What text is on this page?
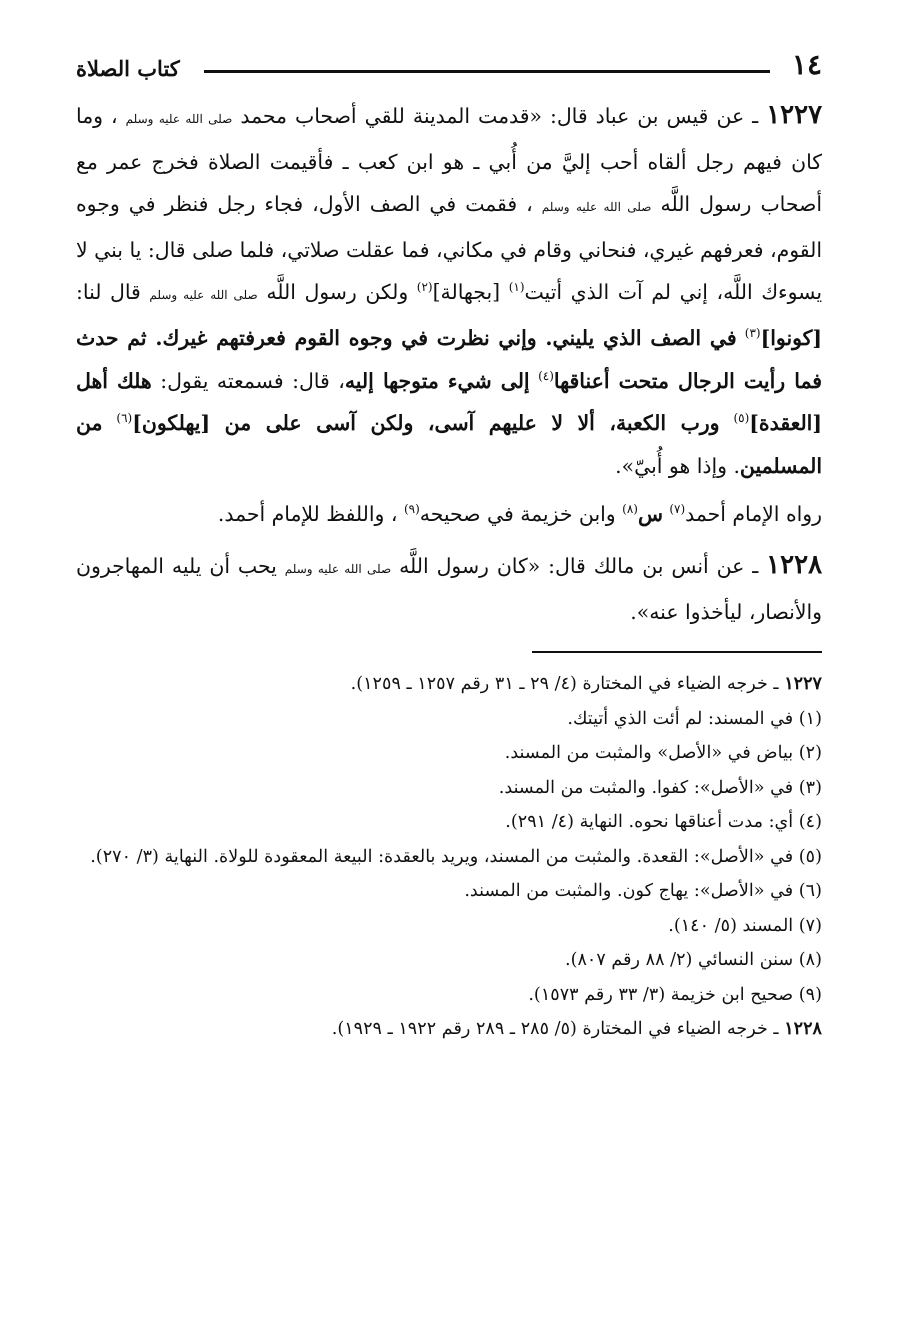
١٤
كتاب الصلاة

١٢٢٧ ـ عن قيس بن عباد قال: «قدمت المدينة للقي أصحاب محمد صلى الله عليه وسلم ، وما كان فيهم رجل ألقاه أحب إليَّ من أُبي ـ هو ابن كعب ـ فأقيمت الصلاة فخرج عمر مع أصحاب رسول اللَّه صلى الله عليه وسلم ، فقمت في الصف الأول، فجاء رجل فنظر في وجوه القوم، فعرفهم غيري، فنحاني وقام في مكاني، فما عقلت صلاتي، فلما صلى قال: يا بني لا يسوءك اللَّه، إني لم آت الذي أتيت$^{(١)}$ [بجهالة]$^{(٢)}$ ولكن رسول اللَّه صلى الله عليه وسلم قال لنا: [كونوا]$^{(٣)}$ في الصف الذي يليني. وإني نظرت في وجوه القوم فعرفتهم غيرك. ثم حدث فما رأيت الرجال متحت أعناقها$^{(٤)}$ إلى شيء متوجها إليه، قال: فسمعته يقول: هلك أهل [العقدة]$^{(٥)}$ ورب الكعبة، ألا لا عليهم آسى، ولكن آسى على من [يهلكون]$^{(٦)}$ من المسلمين. وإذا هو أُبيّ».

رواه الإمام أحمد$^{(٧)}$ س$^{(٨)}$ وابن خزيمة في صحيحه$^{(٩)}$ ، واللفظ للإمام أحمد.

١٢٢٨ ـ عن أنس بن مالك قال: «كان رسول اللَّه صلى الله عليه وسلم يحب أن يليه المهاجرون والأنصار، ليأخذوا عنه».

١٢٢٧ ـ خرجه الضياء في المختارة (٤/ ٢٩ ـ ٣١ رقم ١٢٥٧ ـ ١٢٥٩).
(١) في المسند: لم أئت الذي أتيتك.
(٢) بياض في «الأصل» والمثبت من المسند.
(٣) في «الأصل»: كفوا. والمثبت من المسند.
(٤) أي: مدت أعناقها نحوه. النهاية (٤/ ٢٩١).
(٥) في «الأصل»: القعدة. والمثبت من المسند، ويريد بالعقدة: البيعة المعقودة للولاة. النهاية (٣/ ٢٧٠).
(٦) في «الأصل»: يهاج كون. والمثبت من المسند.
(٧) المسند (٥/ ١٤٠).
(٨) سنن النسائي (٢/ ٨٨ رقم ٨٠٧).
(٩) صحيح ابن خزيمة (٣/ ٣٣ رقم ١٥٧٣).
١٢٢٨ ـ خرجه الضياء في المختارة (٥/ ٢٨٥ ـ ٢٨٩ رقم ١٩٢٢ ـ ١٩٢٩).
